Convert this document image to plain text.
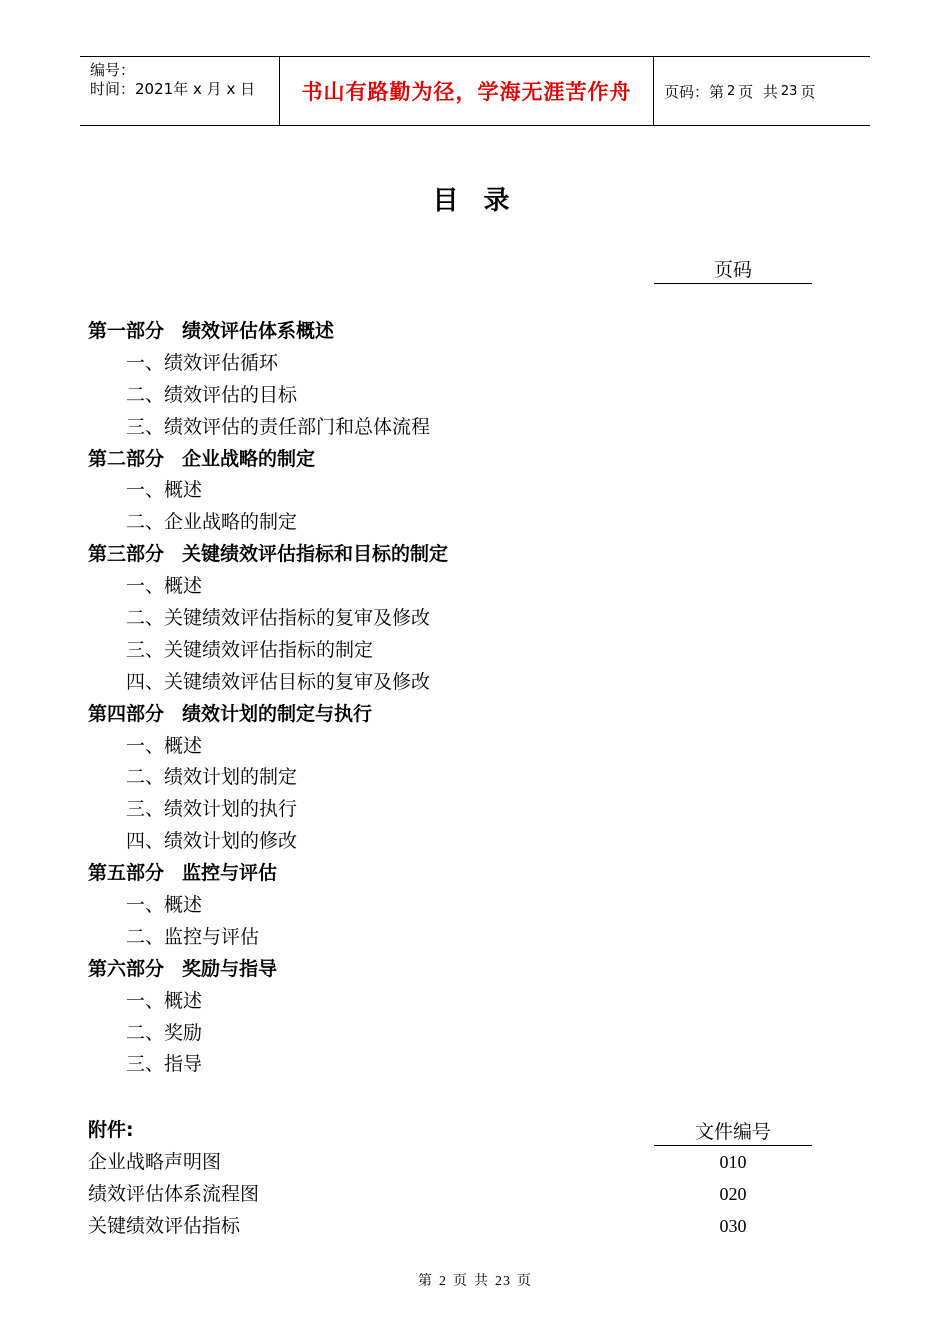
编号：
时间：2021年 x 月 x 日	书山有路勤为径，学海无涯苦作舟	页码：第 2 页
共 23 页
目 录
页码
第一部分 绩效评估体系概述
一、绩效评估循环
二、绩效评估的目标
三、绩效评估的责任部门和总体流程
第二部分 企业战略的制定
一、概述
二、企业战略的制定
第三部分 关键绩效评估指标和目标的制定
一、概述
二、关键绩效评估指标的复审及修改
三、关键绩效评估指标的制定
四、关键绩效评估目标的复审及修改
第四部分 绩效计划的制定与执行
一、概述
二、绩效计划的制定
三、绩效计划的执行
四、绩效计划的修改
第五部分 监控与评估
一、概述
二、监控与评估
第六部分 奖励与指导
一、概述
二、奖励
三、指导
附件:	文件编号
企业战略声明图	010
绩效评估体系流程图	020
关键绩效评估指标	030
第 2 页 共 23 页
